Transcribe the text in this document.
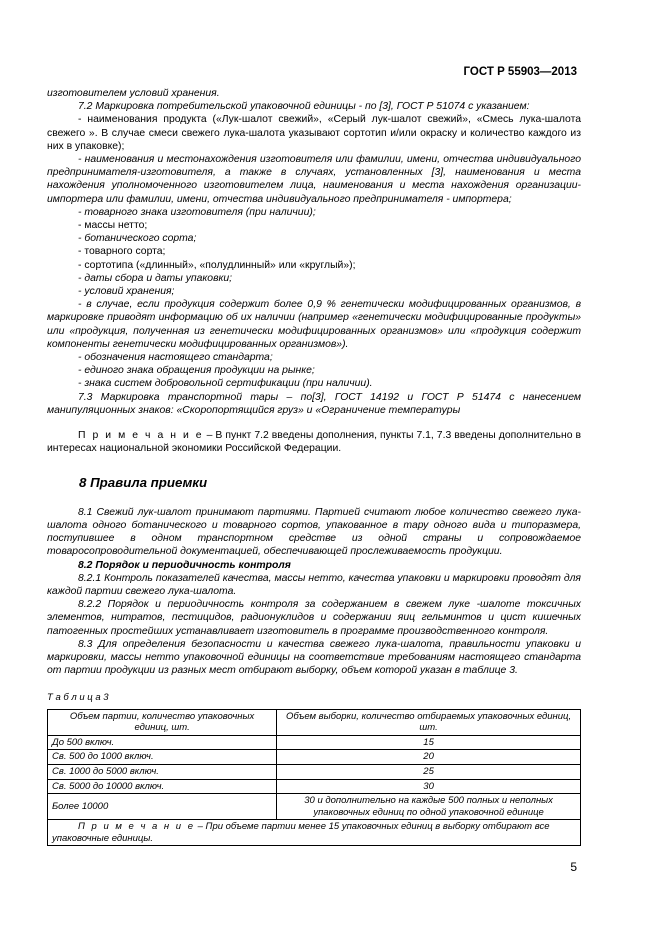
ГОСТ Р 55903—2013

изготовителем условий хранения.

7.2 Маркировка потребительской упаковочной единицы - по [3], ГОСТ Р 51074 с указанием:

- наименования продукта («Лук-шалот свежий», «Серый лук-шалот свежий», «Смесь лука-шалота свежего ». В случае смеси свежего лука-шалота указывают сортотип и/или окраску и количество каждого из них в упаковке);

- наименования и местонахождения изготовителя или фамилии, имени, отчества индивидуального предпринимателя-изготовителя, а также в случаях, установленных [3], наименования и места нахождения уполномоченного изготовителем лица, наименования и места нахождения организации-импортера или фамилии, имени, отчества индивидуального предпринимателя - импортера;

- товарного знака изготовителя (при наличии);

- массы нетто;

- ботанического сорта;

- товарного сорта;

- сортотипа («длинный», «полудлинный» или «круглый»);

- даты сбора и даты упаковки;

- условий хранения;

- в случае, если продукция содержит более 0,9 % генетически модифицированных организмов, в маркировке приводят информацию об их наличии (например «генетически модифицированные продукты» или «продукция, полученная из генетически модифицированных организмов» или «продукция содержит компоненты генетически модифицированных организмов»).

- обозначения настоящего стандарта;

- единого знака обращения продукции на рынке;

- знака систем добровольной сертификации (при наличии).

7.3 Маркировка транспортной тары – по[3], ГОСТ 14192 и ГОСТ Р 51474 с нанесением манипуляционных знаков: «Скоропортящийся груз» и «Ограничение температуры

П р и м е ч а н и е – В пункт 7.2 введены дополнения, пункты 7.1, 7.3 введены дополнительно в интересах национальной экономики Российской Федерации.

8 Правила приемки

8.1 Свежий лук-шалот принимают партиями. Партией считают любое количество свежего лука-шалота одного ботанического и товарного сортов, упакованное в тару одного вида и типоразмера, поступившее в одном транспортном средстве из одной страны и сопровождаемое товаросопроводительной документацией, обеспечивающей прослеживаемость продукции.

8.2 Порядок и периодичность контроля

8.2.1 Контроль показателей качества, массы нетто, качества упаковки и маркировки проводят для каждой партии свежего лука-шалота.

8.2.2 Порядок и периодичность контроля за содержанием в свежем луке -шалоте токсичных элементов, нитратов, пестицидов, радионуклидов и содержании яиц гельминтов и цист кишечных патогенных простейших устанавливает изготовитель в программе производственного контроля.

8.3 Для определения безопасности и качества свежего лука-шалота, правильности упаковки и маркировки, массы нетто упаковочной единицы на соответствие требованиям настоящего стандарта от партии продукции из разных мест отбирают выборку, объем которой указан в таблице 3.

Т а б л и ц а 3

Объем партии, количество упаковочных единиц, шт.	Объем выборки, количество отбираемых упаковочных единиц, шт.
До 500 включ.	15
Св. 500 до 1000 включ.	20
Св. 1000 до 5000 включ.	25
Св. 5000 до 10000 включ.	30
Более 10000	30 и дополнительно на каждые 500 полных и неполных упаковочных единиц по одной упаковочной единице
П р и м е ч а н и е – При объеме партии менее 15 упаковочных единиц в выборку отбирают все упаковочные единицы.	
5
